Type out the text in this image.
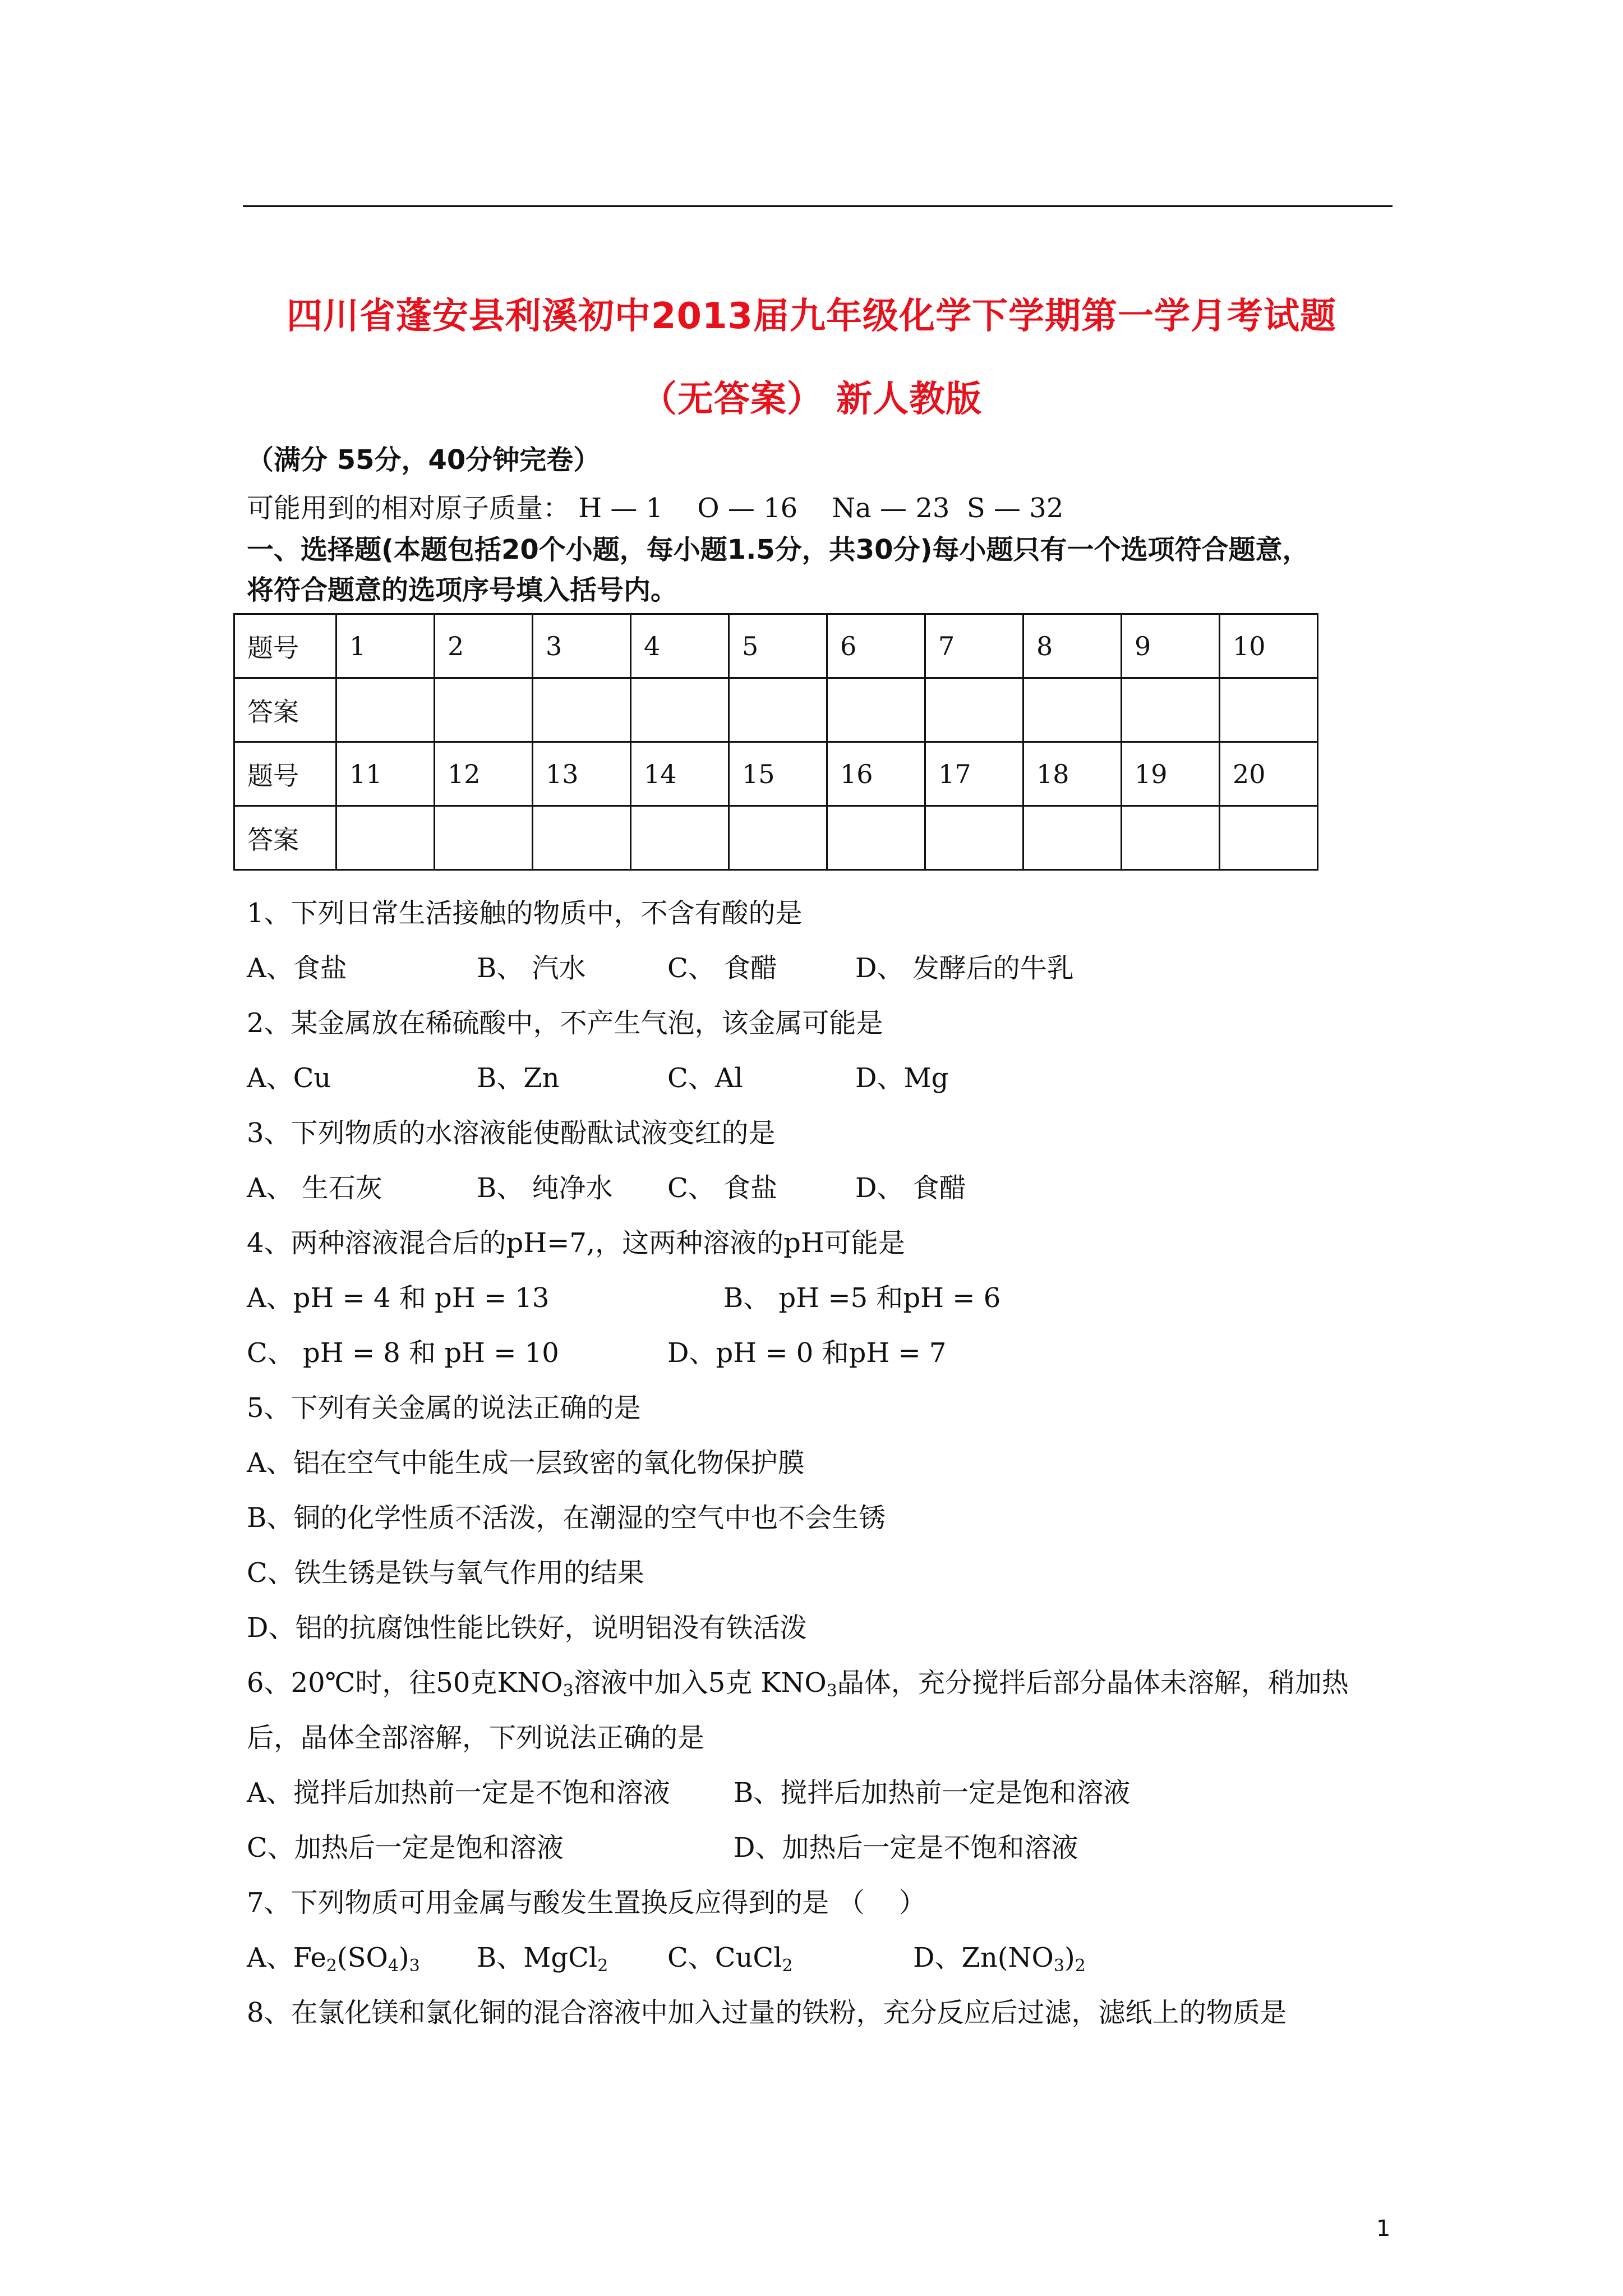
四川省蓬安县利溪初中2013届九年级化学下学期第一学月考试题
（无答案） 新人教版
（满分 55分，40分钟完卷）
可能用到的相对原子质量： H — 1    O — 16    Na — 23  S — 32
一、选择题(本题包括20个小题，每小题1.5分，共30分)每小题只有一个选项符合题意，
将符合题意的选项序号填入括号内。
题号	1	2	3	4	5	6	7	8	9	10
答案										
题号	11	12	13	14	15	16	17	18	19	20
答案										
1、下列日常生活接触的物质中，不含有酸的是
A、食盐	B、 汽水	C、 食醋	D、 发酵后的牛乳
2、某金属放在稀硫酸中，不产生气泡，该金属可能是
A、Cu	B、Zn	C、Al	D、Mg
3、下列物质的水溶液能使酚酞试液变红的是
A、 生石灰	B、 纯净水 C、 食盐	D、 食醋
4、两种溶液混合后的pH=7,，这两种溶液的pH可能是
A、pH = 4 和 pH = 13	B、 pH =5 和pH = 6
C、 pH = 8 和 pH = 10	D、pH = 0 和pH = 7
5、下列有关金属的说法正确的是
A、铝在空气中能生成一层致密的氧化物保护膜
B、铜的化学性质不活泼，在潮湿的空气中也不会生锈
C、铁生锈是铁与氧气作用的结果
D、铝的抗腐蚀性能比铁好，说明铝没有铁活泼
6、20℃时，往50克$KNO_3$溶液中加入5克 $KNO_3$晶体，充分搅拌后部分晶体未溶解，稍加热
后，晶体全部溶解，下列说法正确的是
A、搅拌后加热前一定是不饱和溶液 B、搅拌后加热前一定是饱和溶液
C、加热后一定是饱和溶液	D、加热后一定是不饱和溶液
7、下列物质可用金属与酸发生置换反应得到的是 （    ）
A、$Fe_2(SO_4)_3$ B、MgCl$_2$ C、CuCl$_2$	D、$Zn(NO_3)_2$
8、在氯化镁和氯化铜的混合溶液中加入过量的铁粉，充分反应后过滤，滤纸上的物质是
1
